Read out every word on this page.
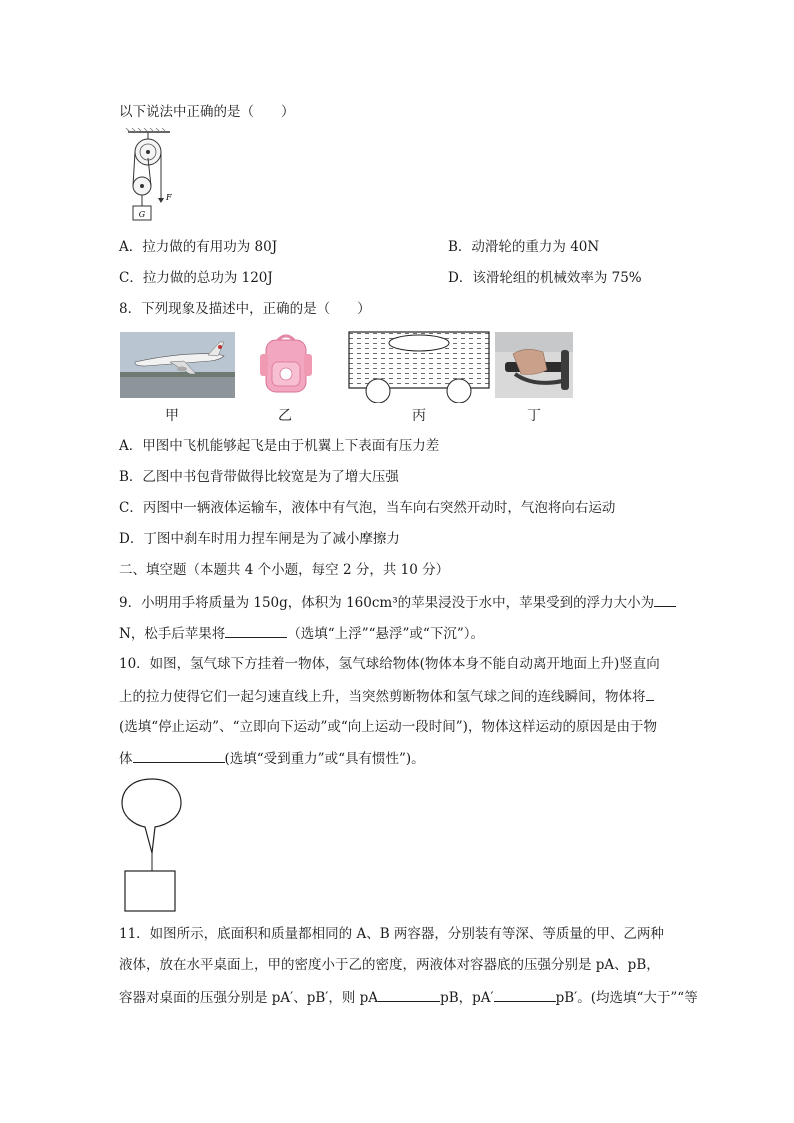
以下说法中正确的是（　　）
G
F
A．拉力做的有用功为 80J	B．动滑轮的重力为 40N
C．拉力做的总功为 120J	D．该滑轮组的机械效率为 75%
8．下列现象及描述中，正确的是（　　）
甲	乙	丙	丁
A．甲图中飞机能够起飞是由于机翼上下表面有压力差
B．乙图中书包背带做得比较宽是为了增大压强
C．丙图中一辆液体运输车，液体中有气泡，当车向右突然开动时，气泡将向右运动
D．丁图中刹车时用力捏车闸是为了减小摩擦力
二、填空题（本题共 4 个小题，每空 2 分，共 10 分）
9．小明用手将质量为 150g，体积为 160cm³的苹果浸没于水中，苹果受到的浮力大小为
N，松手后苹果将	（选填“上浮”“悬浮”或“下沉”）。
10．如图，氢气球下方挂着一物体，氢气球给物体(物体本身不能自动离开地面上升)竖直向
上的拉力使得它们一起匀速直线上升，当突然剪断物体和氢气球之间的连线瞬间，物体将
(选填“停止运动”、“立即向下运动”或“向上运动一段时间”)，物体这样运动的原因是由于物
体	(选填“受到重力”或“具有惯性”)。
11．如图所示，底面积和质量都相同的 A、B 两容器，分别装有等深、等质量的甲、乙两种
液体，放在水平桌面上，甲的密度小于乙的密度，两液体对容器底的压强分别是 pA、pB，
容器对桌面的压强分别是 pA′、pB′，则 pA	pB，pA′	pB′。(均选填“大于”“等
